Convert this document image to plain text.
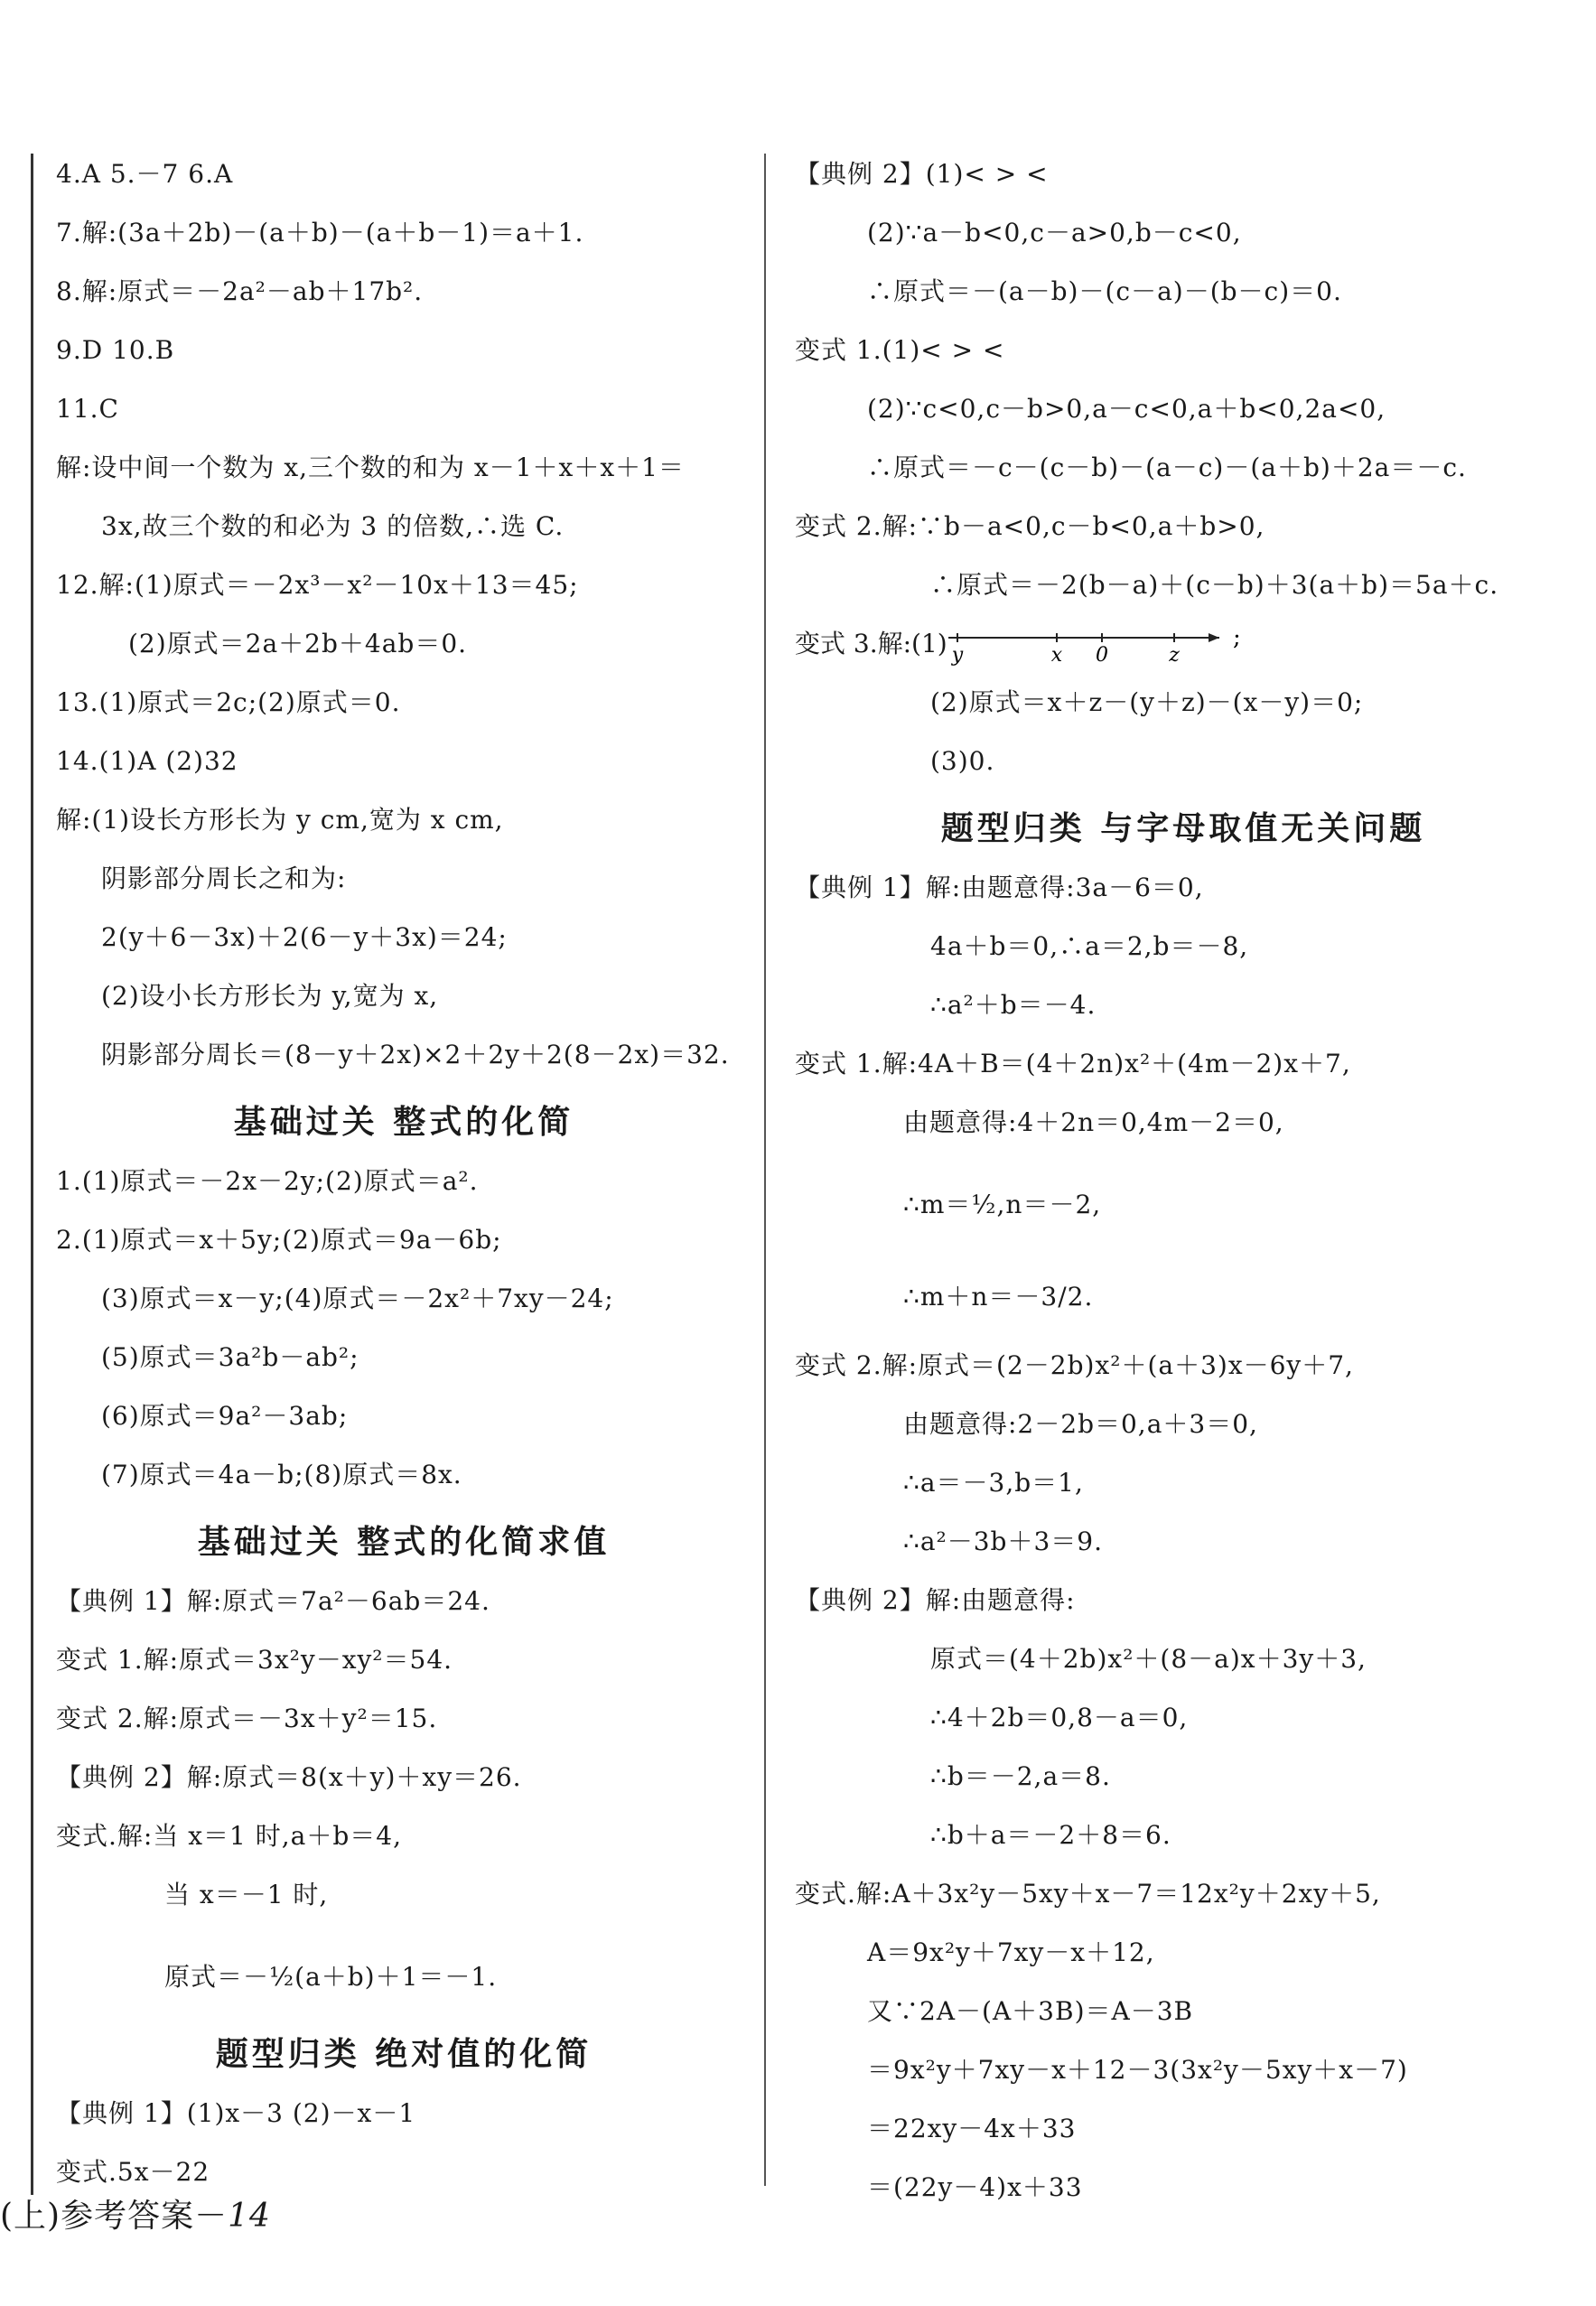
4.A 5.－7 6.A
7.解:(3a＋2b)－(a＋b)－(a＋b－1)＝a＋1.
8.解:原式＝－2a²－ab＋17b².
9.D 10.B
11.C
解:设中间一个数为 x,三个数的和为 x－1＋x＋x＋1＝
3x,故三个数的和必为 3 的倍数,∴选 C.
12.解:(1)原式＝－2x³－x²－10x＋13＝45;
(2)原式＝2a＋2b＋4ab＝0.
13.(1)原式＝2c;(2)原式＝0.
14.(1)A (2)32
解:(1)设长方形长为 y cm,宽为 x cm,
阴影部分周长之和为:
2(y＋6－3x)＋2(6－y＋3x)＝24;
(2)设小长方形长为 y,宽为 x,
阴影部分周长＝(8－y＋2x)×2＋2y＋2(8－2x)＝32.
基础过关 整式的化简
1.(1)原式＝－2x－2y;(2)原式＝a².
2.(1)原式＝x＋5y;(2)原式＝9a－6b;
(3)原式＝x－y;(4)原式＝－2x²＋7xy－24;
(5)原式＝3a²b－ab²;
(6)原式＝9a²－3ab;
(7)原式＝4a－b;(8)原式＝8x.
基础过关 整式的化简求值
【典例 1】解:原式＝7a²－6ab＝24.
变式 1.解:原式＝3x²y－xy²＝54.
变式 2.解:原式＝－3x＋y²＝15.
【典例 2】解:原式＝8(x＋y)＋xy＝26.
变式.解:当 x＝1 时,a＋b＝4,
当 x＝－1 时,
原式＝－½(a＋b)＋1＝－1.
题型归类 绝对值的化简
【典例 1】(1)x－3 (2)－x－1
变式.5x－22
【典例 2】(1)< > <
(2)∵a－b<0,c－a>0,b－c<0,
∴原式＝－(a－b)－(c－a)－(b－c)＝0.
变式 1.(1)< > <
(2)∵c<0,c－b>0,a－c<0,a＋b<0,2a<0,
∴原式＝－c－(c－b)－(a－c)－(a＋b)＋2a＝－c.
变式 2.解:∵b－a<0,c－b<0,a＋b>0,
∴原式＝－2(b－a)＋(c－b)＋3(a＋b)＝5a＋c.
变式 3.解:(1) y	x 0	z
;
(2)原式＝x＋z－(y＋z)－(x－y)＝0;
(3)0.
题型归类 与字母取值无关问题
【典例 1】解:由题意得:3a－6＝0,
4a＋b＝0,∴a＝2,b＝－8,
∴a²＋b＝－4.
变式 1.解:4A＋B＝(4＋2n)x²＋(4m－2)x＋7,
由题意得:4＋2n＝0,4m－2＝0,
∴m＝½,n＝－2,
∴m＋n＝－3/2.
变式 2.解:原式＝(2－2b)x²＋(a＋3)x－6y＋7,
由题意得:2－2b＝0,a＋3＝0,
∴a＝－3,b＝1,
∴a²－3b＋3＝9.
【典例 2】解:由题意得:
原式＝(4＋2b)x²＋(8－a)x＋3y＋3,
∴4＋2b＝0,8－a＝0,
∴b＝－2,a＝8.
∴b＋a＝－2＋8＝6.
变式.解:A＋3x²y－5xy＋x－7＝12x²y＋2xy＋5,
A＝9x²y＋7xy－x＋12,
又∵2A－(A＋3B)＝A－3B
＝9x²y＋7xy－x＋12－3(3x²y－5xy＋x－7)
＝22xy－4x＋33
＝(22y－4)x＋33
(上)参考答案－14
